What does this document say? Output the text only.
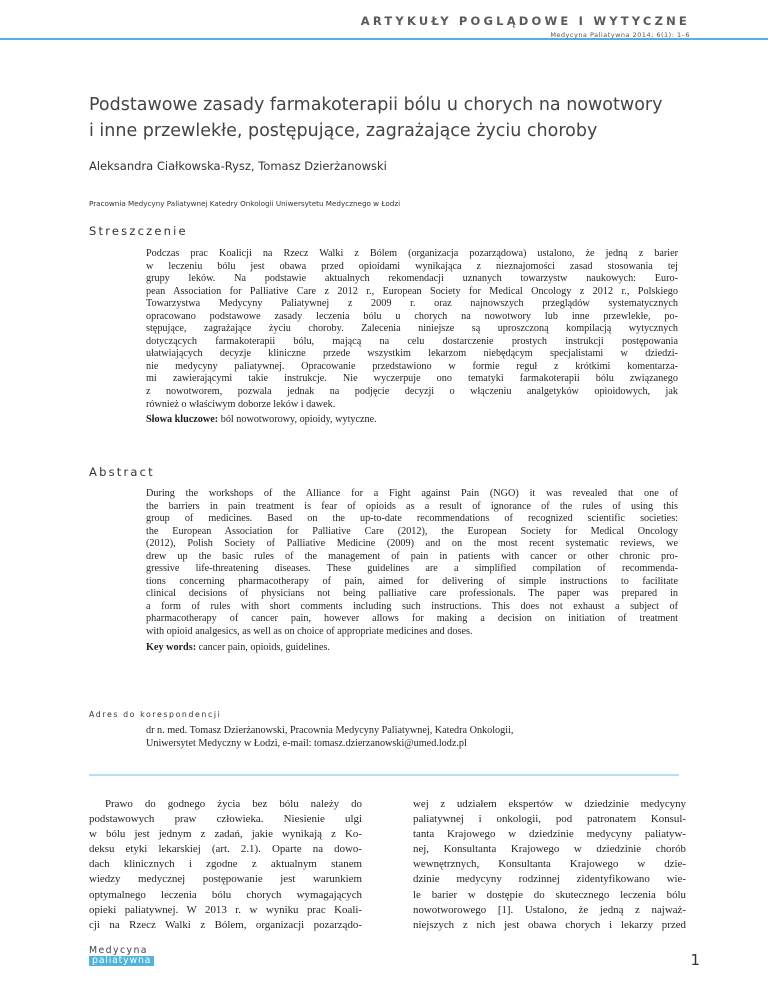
ARTYKUŁY POGLĄDOWE I WYTYCZNE
Medycyna Paliatywna 2014; 6(1): 1–6
Podstawowe zasady farmakoterapii bólu u chorych na nowotwory
i inne przewlekłe, postępujące, zagrażające życiu choroby
Aleksandra Ciałkowska-Rysz, Tomasz Dzierżanowski
Pracownia Medycyny Paliatywnej Katedry Onkologii Uniwersytetu Medycznego w Łodzi
Streszczenie
Podczas prac Koalicji na Rzecz Walki z Bólem (organizacja pozarządowa) ustalono, że jedną z barier
w leczeniu bólu jest obawa przed opioidami wynikająca z nieznajomości zasad stosowania tej
grupy leków. Na podstawie aktualnych rekomendacji uznanych towarzystw naukowych: Euro-
pean Association for Palliative Care z 2012 r., European Society for Medical Oncology z 2012 r., Polskiego
Towarzystwa Medycyny Paliatywnej z 2009 r. oraz najnowszych przeglądów systematycznych
opracowano podstawowe zasady leczenia bólu u chorych na nowotwory lub inne przewlekłe, po-
stępujące, zagrażające życiu choroby. Zalecenia niniejsze są uproszczoną kompilacją wytycznych
dotyczących farmakoterapii bólu, mającą na celu dostarczenie prostych instrukcji postępowania
ułatwiających decyzje kliniczne przede wszystkim lekarzom niebędącym specjalistami w dziedzi-
nie medycyny paliatywnej. Opracowanie przedstawiono w formie reguł z krótkimi komentarza-
mi zawierającymi takie instrukcje. Nie wyczerpuje ono tematyki farmakoterapii bólu związanego
z nowotworem, pozwala jednak na podjęcie decyzji o włączeniu analgetyków opioidowych, jak
również o właściwym doborze leków i dawek.
Słowa kluczowe: ból nowotworowy, opioidy, wytyczne.
Abstract
During the workshops of the Alliance for a Fight against Pain (NGO) it was revealed that one of
the barriers in pain treatment is fear of opioids as a result of ignorance of the rules of using this
group of medicines. Based on the up-to-date recommendations of recognized scientific societies:
the European Association for Palliative Care (2012), the European Society for Medical Oncology
(2012), Polish Society of Palliative Medicine (2009) and on the most recent systematic reviews, we
drew up the basic rules of the management of pain in patients with cancer or other chronic pro-
gressive life-threatening diseases. These guidelines are a simplified compilation of recommenda-
tions concerning pharmacotherapy of pain, aimed for delivering of simple instructions to facilitate
clinical decisions of physicians not being palliative care professionals. The paper was prepared in
a form of rules with short comments including such instructions. This does not exhaust a subject of
pharmacotherapy of cancer pain, however allows for making a decision on initiation of treatment
with opioid analgesics, as well as on choice of appropriate medicines and doses.
Key words: cancer pain, opioids, guidelines.
Adres do korespondencji
dr n. med. Tomasz Dzierżanowski, Pracownia Medycyny Paliatywnej, Katedra Onkologii,
Uniwersytet Medyczny w Łodzi, e-mail: tomasz.dzierzanowski@umed.lodz.pl
Prawo do godnego życia bez bólu należy do
podstawowych praw człowieka. Niesienie ulgi
w bólu jest jednym z zadań, jakie wynikają z Ko-
deksu etyki lekarskiej (art. 2.1). Oparte na dowo-
dach klinicznych i zgodne z aktualnym stanem
wiedzy medycznej postępowanie jest warunkiem
optymalnego leczenia bólu chorych wymagających
opieki paliatywnej. W 2013 r. w wyniku prac Koali-
cji na Rzecz Walki z Bólem, organizacji pozarządo-
wej z udziałem ekspertów w dziedzinie medycyny
paliatywnej i onkologii, pod patronatem Konsul-
tanta Krajowego w dziedzinie medycyny paliatyw-
nej, Konsultanta Krajowego w dziedzinie chorób
wewnętrznych, Konsultanta Krajowego w dzie-
dzinie medycyny rodzinnej zidentyfikowano wie-
le barier w dostępie do skutecznego leczenia bólu
nowotworowego [1]. Ustalono, że jedną z najważ-
niejszych z nich jest obawa chorych i lekarzy przed
Medycyna
paliatywna	1
